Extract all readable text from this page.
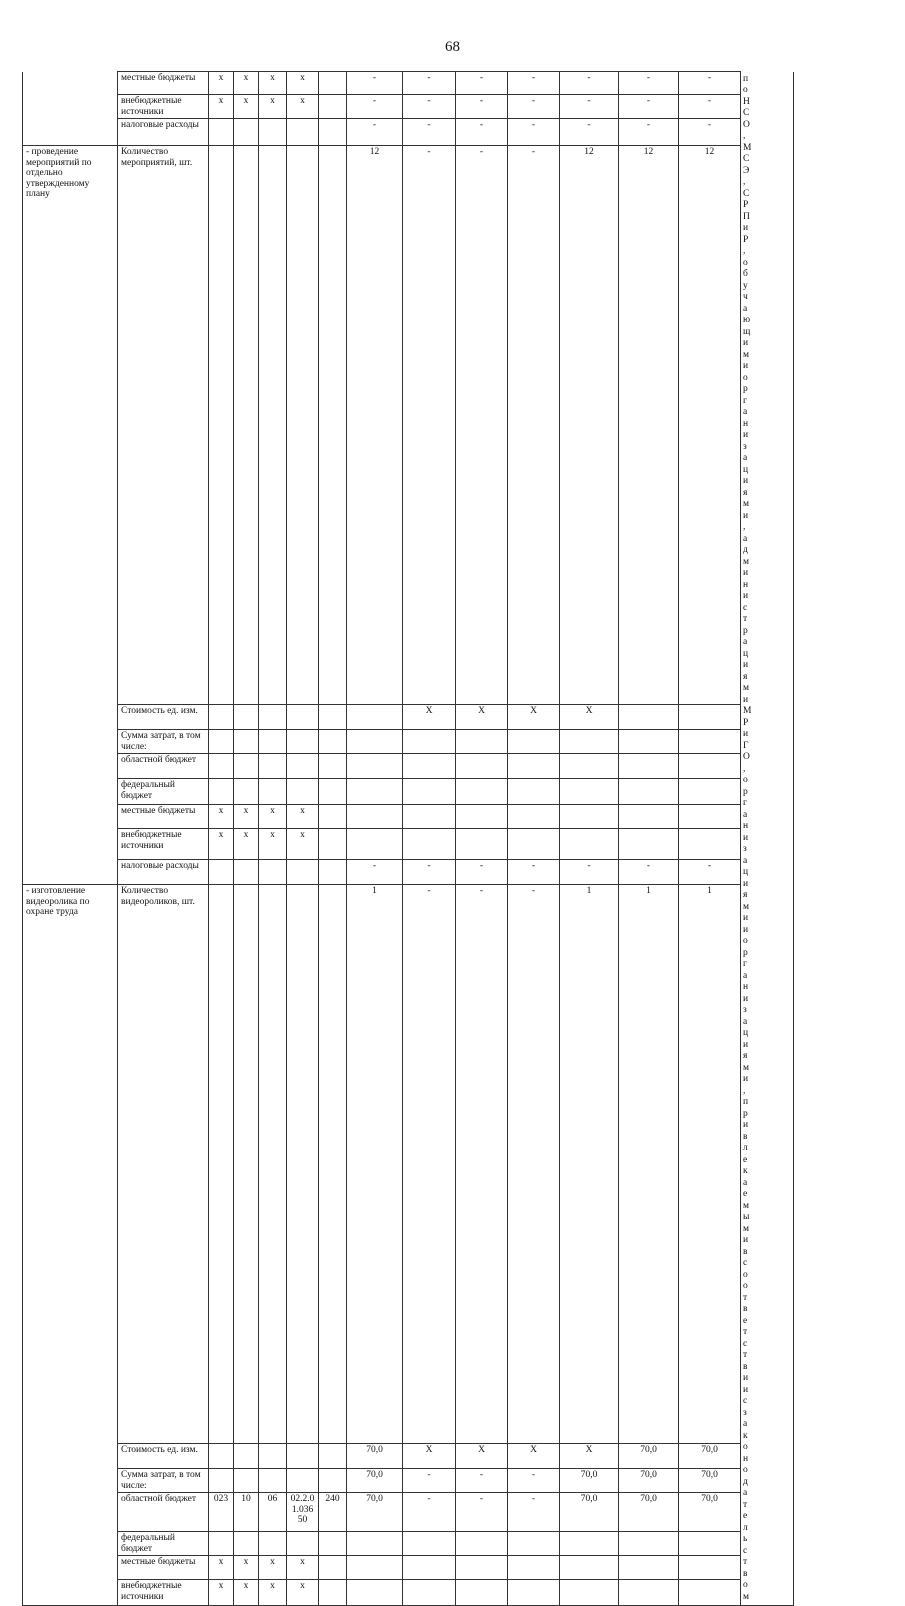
68
	местные бюджеты	х	х	х	х		-	-	-	-	-	-	-	по НСО, МСЭ, СРПиР, обучающ ими организа циями, админист рациями МРиГО, организа циями и организа циями, привлека емыми в соответст вии с законода тельство м
	внебюджетные источники	х	х	х	х		-	-	-	-	-	-	-	
	налоговые расходы						-	-	-	-	-	-	-	
- проведение мероприятий по отдельно утвержденному плану	Количество мероприятий, шт.						12	-	-	-	12	12	12	
	Стоимость ед. изм.							Х	Х	Х	Х			
	Сумма затрат, в том числе:													
	областной бюджет													
	федеральный бюджет													
	местные бюджеты	х	х	х	х									
	внебюджетные источники	х	х	х	х									
	налоговые расходы						-	-	-	-	-	-	-	
- изготовление видеоролика по охране труда	Количество видеороликов, шт.						1	-	-	-	1	1	1	
	Стоимость ед. изм.						70,0	Х	Х	Х	Х	70,0	70,0	
	Сумма затрат, в том числе:						70,0	-	-	-	70,0	70,0	70,0	
	областной бюджет	023	10	06	02.2.01.03650	240	70,0	-	-	-	70,0	70,0	70,0	
	федеральный бюджет													
	местные бюджеты	х	х	х	х									
	внебюджетные источники	х	х	х	х									
